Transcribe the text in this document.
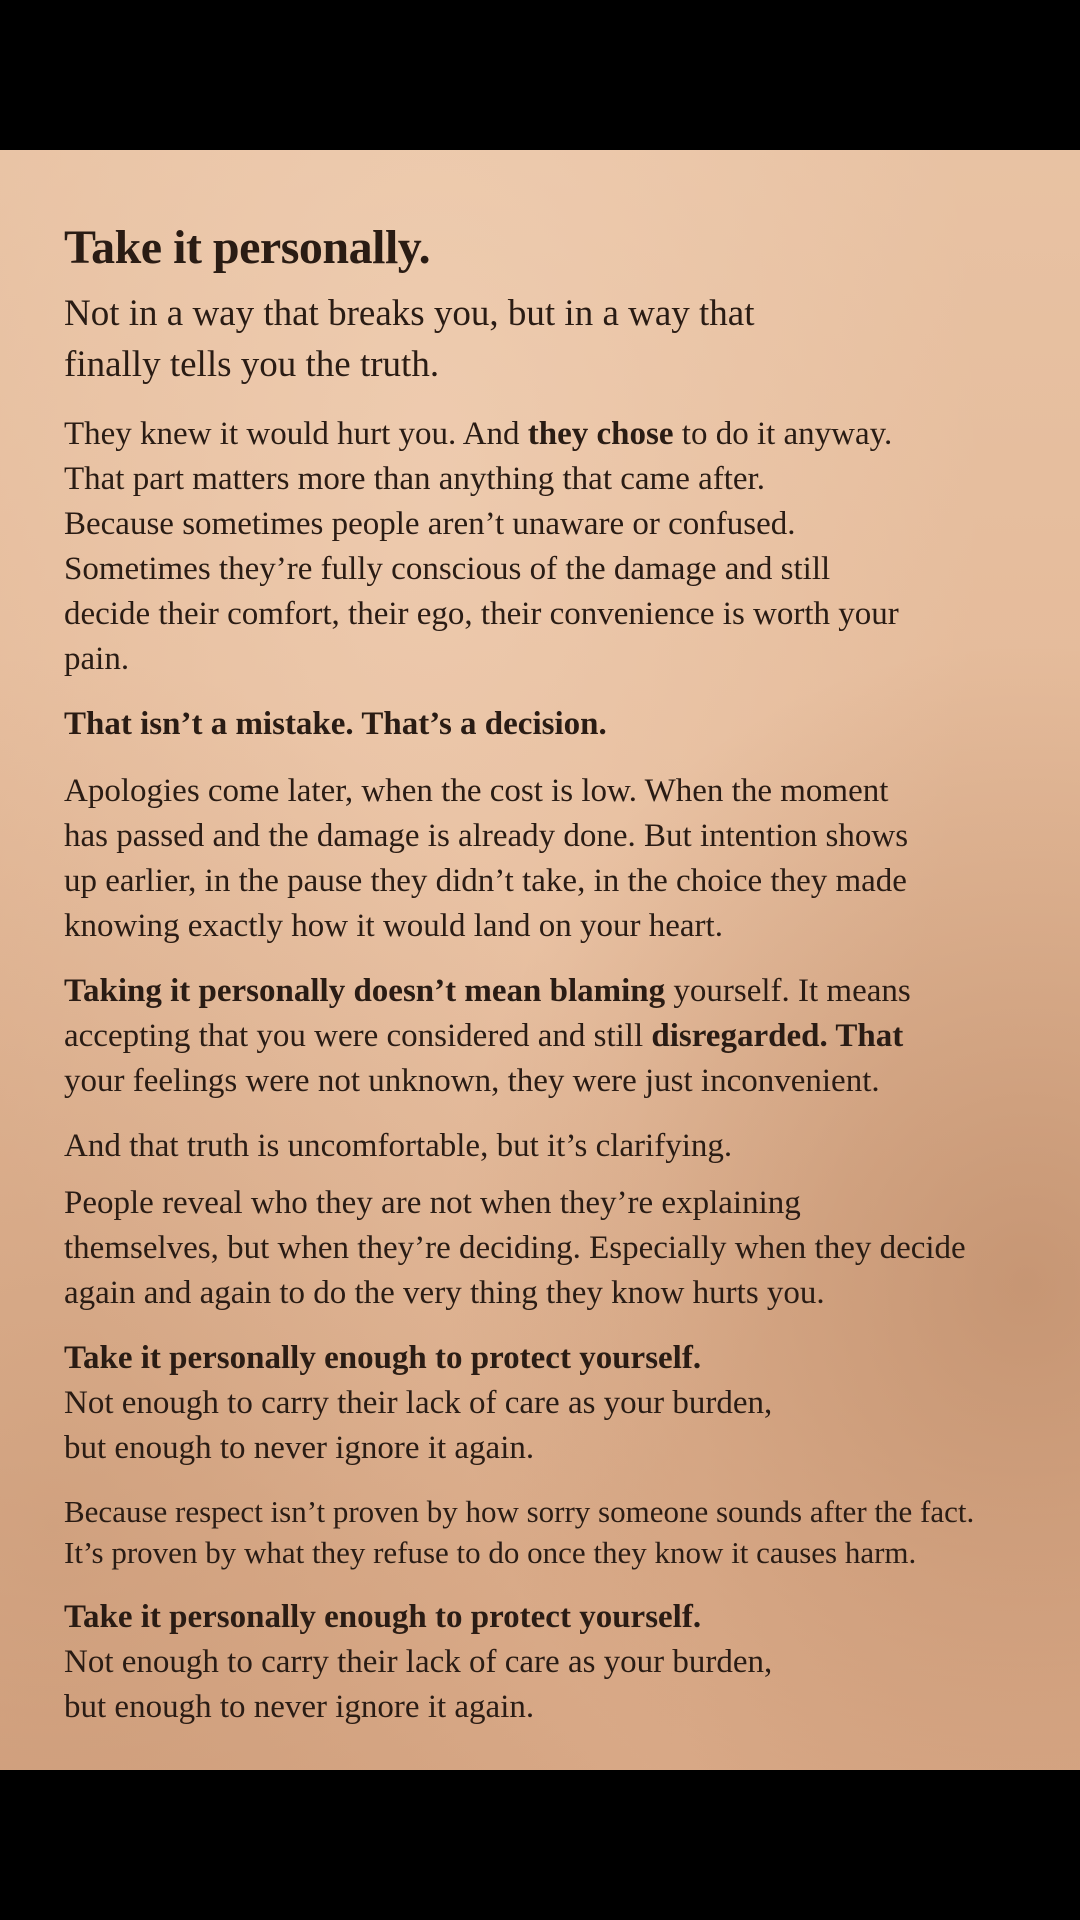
Take it personally.
Not in a way that breaks you, but in a way that
finally tells you the truth.
They knew it would hurt you. And they chose to do it anyway.
That part matters more than anything that came after.
Because sometimes people aren’t unaware or confused.
Sometimes they’re fully conscious of the damage and still
decide their comfort, their ego, their convenience is worth your
pain.
That isn’t a mistake. That’s a decision.
Apologies come later, when the cost is low. When the moment
has passed and the damage is already done. But intention shows
up earlier, in the pause they didn’t take, in the choice they made
knowing exactly how it would land on your heart.
Taking it personally doesn’t mean blaming yourself. It means
accepting that you were considered and still disregarded. That
your feelings were not unknown, they were just inconvenient.
And that truth is uncomfortable, but it’s clarifying.
People reveal who they are not when they’re explaining
themselves, but when they’re deciding. Especially when they decide
again and again to do the very thing they know hurts you.
Take it personally enough to protect yourself.
Not enough to carry their lack of care as your burden,
but enough to never ignore it again.
Because respect isn’t proven by how sorry someone sounds after the fact.
It’s proven by what they refuse to do once they know it causes harm.
Take it personally enough to protect yourself.
Not enough to carry their lack of care as your burden,
but enough to never ignore it again.
